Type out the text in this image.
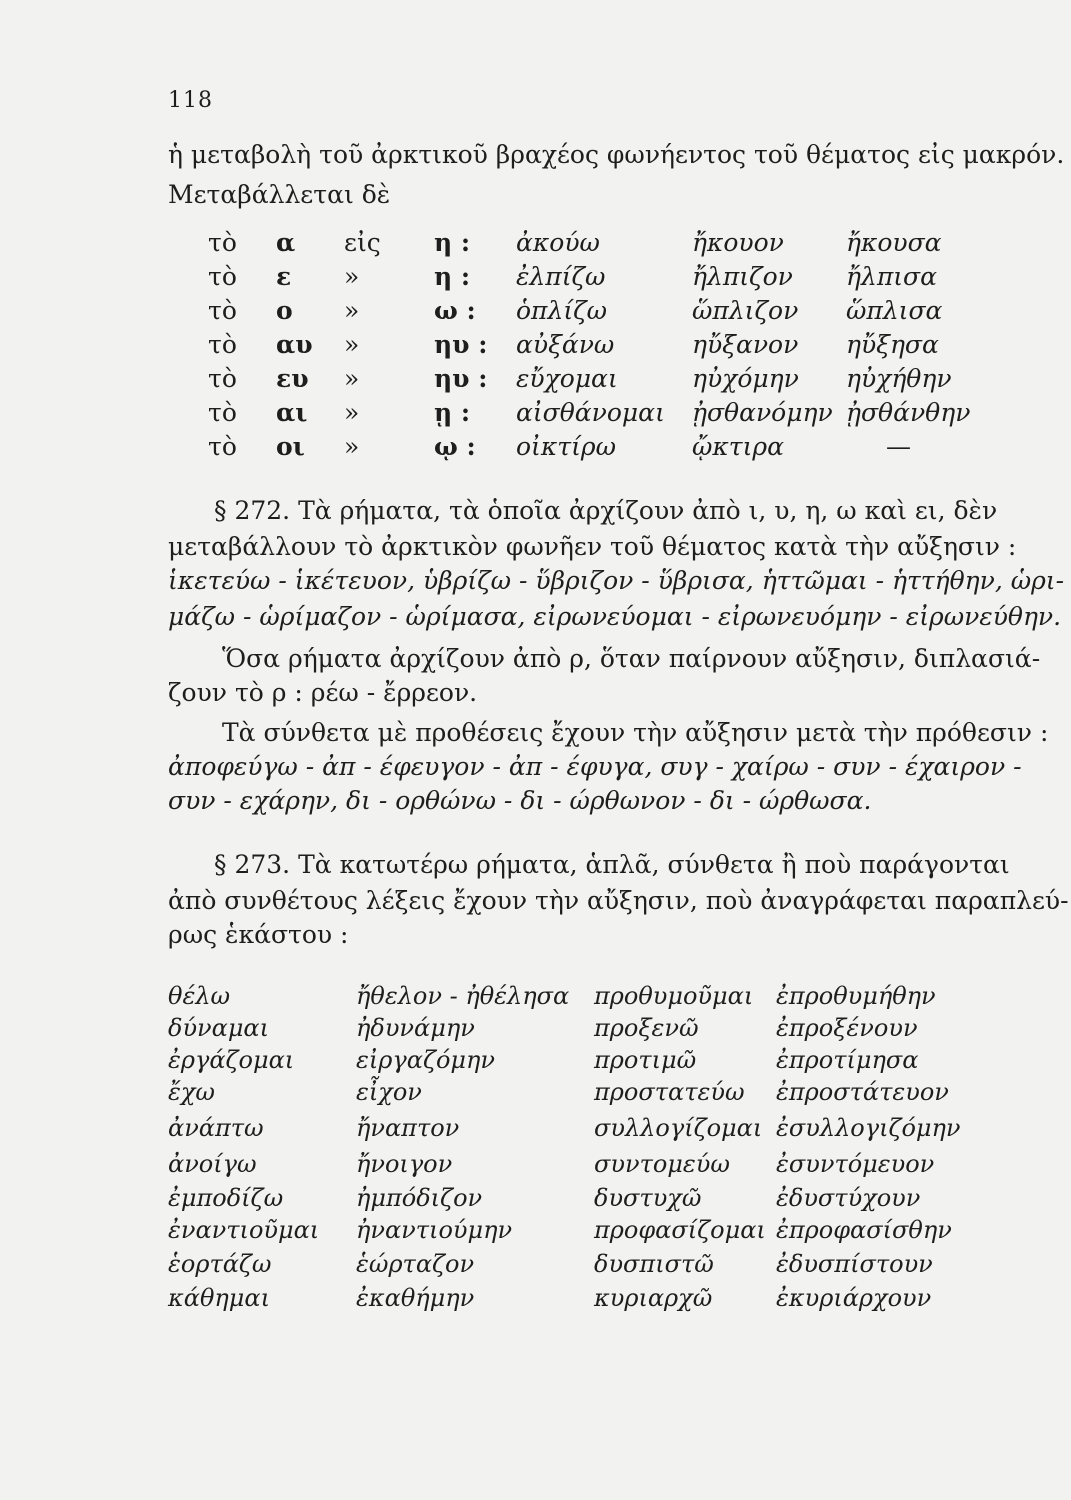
118
ἡ μεταβολὴ τοῦ ἀρκτικοῦ βραχέος φωνήεντος τοῦ θέματος εἰς μακρόν.
Μεταβάλλεται δὲ
τὸ α εἰς η : ἀκούω	ἤκουον ἤκουσα
τὸ ε »	η : ἐλπίζω	ἤλπιζον ἤλπισα
τὸ ο »	ω : ὁπλίζω	ὥπλιζον ὥπλισα
τὸ αυ »	ηυ : αὐξάνω	ηὔξανον ηὔξησα
τὸ ευ »	ηυ : εὔχομαι	ηὐχόμην ηὐχήθην
τὸ αι »	ῃ : αἰσθάνομαι ᾐσθανόμην ᾐσθάνθην
τὸ οι »	ῳ : οἰκτίρω	ᾤκτιρα	—
§ 272. Τὰ ρήματα, τὰ ὁποῖα ἀρχίζουν ἀπὸ ι, υ, η, ω καὶ ει, δὲν
μεταβάλλουν τὸ ἀρκτικὸν φωνῆεν τοῦ θέματος κατὰ τὴν αὔξησιν :
ἱκετεύω - ἱκέτευον, ὑβρίζω - ὕβριζον - ὕβρισα, ἡττῶμαι - ἡττήθην, ὡρι-
μάζω - ὡρίμαζον - ὡρίμασα, εἰρωνεύομαι - εἰρωνευόμην - εἰρωνεύθην.
Ὅσα ρήματα ἀρχίζουν ἀπὸ ρ, ὅταν παίρνουν αὔξησιν, διπλασιά-
ζουν τὸ ρ : ρέω - ἔρρεον.
Τὰ σύνθετα μὲ προθέσεις ἔχουν τὴν αὔξησιν μετὰ τὴν πρόθεσιν :
ἀποφεύγω - ἀπ - έφευγον - ἀπ - έφυγα, συγ - χαίρω - συν - έχαιρον -
συν - εχάρην, δι - ορθώνω - δι - ώρθωνον - δι - ώρθωσα.
§ 273. Τὰ κατωτέρω ρήματα, ἁπλᾶ, σύνθετα ἢ ποὺ παράγονται
ἀπὸ συνθέτους λέξεις ἔχουν τὴν αὔξησιν, ποὺ ἀναγράφεται παραπλεύ-
ρως ἑκάστου :
θέλω	ἤθελον - ἠθέλησα προθυμοῦμαι ἐπροθυμήθην
δύναμαι	ἠδυνάμην	προξενῶ	ἐπροξένουν
ἐργάζομαι	εἰργαζόμην	προτιμῶ	ἐπροτίμησα
ἔχω	εἶχον	προστατεύω ἐπροστάτευον
ἀνάπτω	ἤναπτον	συλλογίζομαι ἐσυλλογιζόμην
ἀνοίγω	ἤνοιγον	συντομεύω ἐσυντόμευον
ἐμποδίζω	ἠμπόδιζον	δυστυχῶ	ἐδυστύχουν
ἐναντιοῦμαι ἠναντιούμην	προφασίζομαι ἐπροφασίσθην
ἑορτάζω	ἑώρταζον	δυσπιστῶ	ἐδυσπίστουν
κάθημαι	ἐκαθήμην	κυριαρχῶ	ἐκυριάρχουν
